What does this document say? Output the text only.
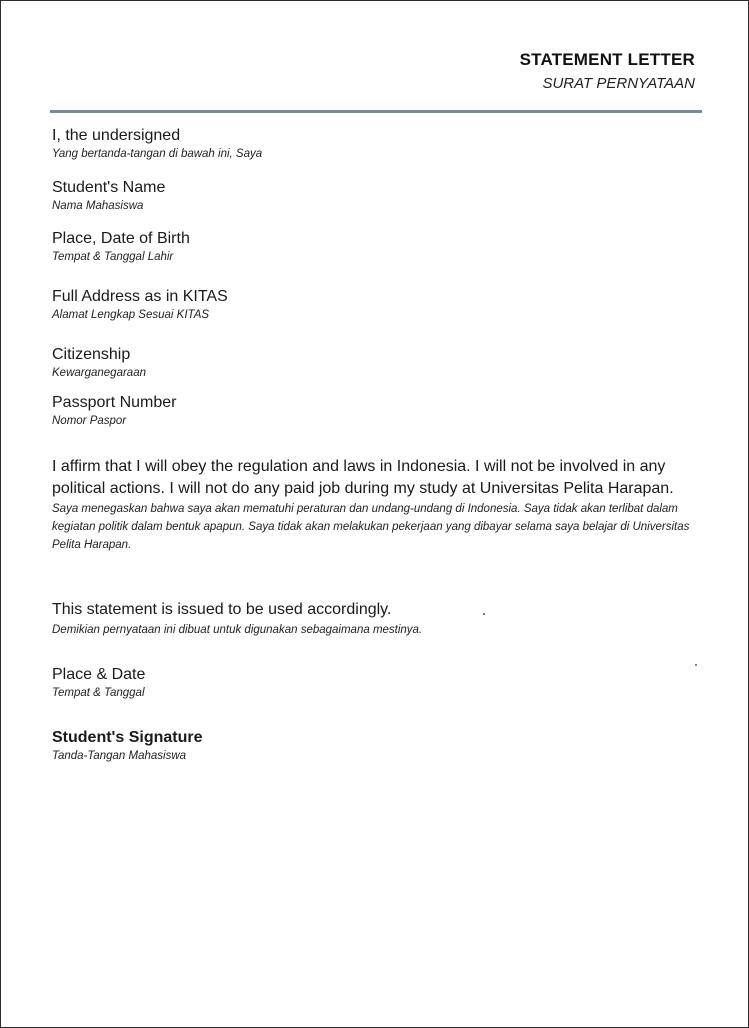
STATEMENT LETTER
SURAT PERNYATAAN
I, the undersigned
Yang bertanda-tangan di bawah ini, Saya
Student's Name
Nama Mahasiswa
Place, Date of Birth
Tempat & Tanggal Lahir
Full Address as in KITAS
Alamat Lengkap Sesuai KITAS
Citizenship
Kewarganegaraan
Passport Number
Nomor Paspor
I affirm that I will obey the regulation and laws in Indonesia. I will not be involved in any political actions. I will not do any paid job during my study at Universitas Pelita Harapan.
Saya menegaskan bahwa saya akan mematuhi peraturan dan undang-undang di Indonesia. Saya tidak akan terlibat dalam kegiatan politik dalam bentuk apapun. Saya tidak akan melakukan pekerjaan yang dibayar selama saya belajar di Universitas Pelita Harapan.
This statement is issued to be used accordingly.
Demikian pernyataan ini dibuat untuk digunakan sebagaimana mestinya.
Place & Date
Tempat & Tanggal
Student's Signature
Tanda-Tangan Mahasiswa
